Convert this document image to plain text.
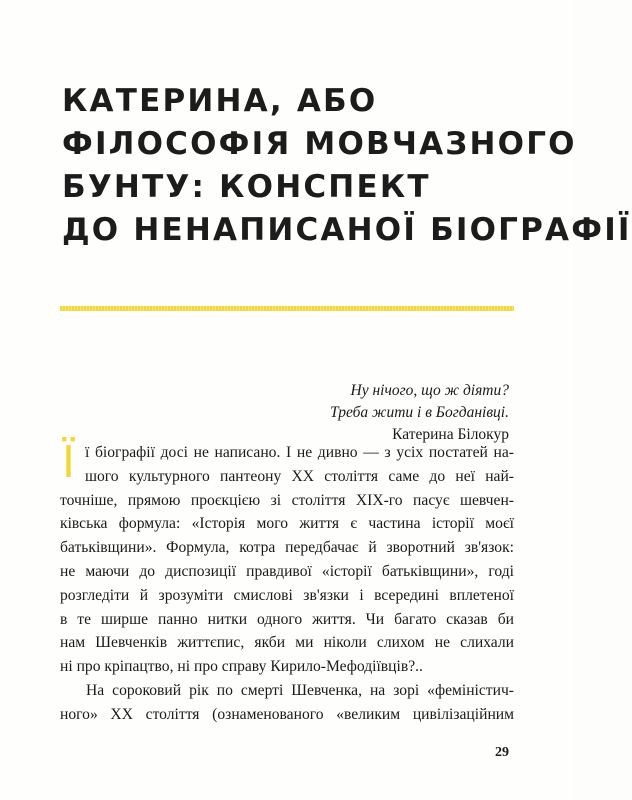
КАТЕРИНА, АБО
ФІЛОСОФІЯ МОВЧАЗНОГО
БУНТУ: КОНСПЕКТ
ДО НЕНАПИСАНОЇ БІОГРАФІЇ
Ну нічого, що ж діяти?
Треба жити і в Богданівці.
Катерина Білокур
Ї ї біографії досі не написано. І не дивно — з усіх постатей на-
шого культурного пантеону ХХ століття саме до неї най-
точніше, прямою проєкцією зі століття ХІХ-го пасує шевчен-
ківська формула: «Історія мого життя є частина історії моєї
батьківщини». Формула, котра передбачає й зворотний зв'язок:
не маючи до диспозиції правдивої «історії батьківщини», годі
розгледіти й зрозуміти смислові зв'язки і всередині вплетеної
в те ширше панно нитки одного життя. Чи багато сказав би
нам Шевченків життєпис, якби ми ніколи слихом не слихали
ні про кріпацтво, ні про справу Кирило-Мефодіївців?..
На сороковий рік по смерті Шевченка, на зорі «феміністич-
ного» ХХ століття (ознаменованого «великим цивілізаційним
29
